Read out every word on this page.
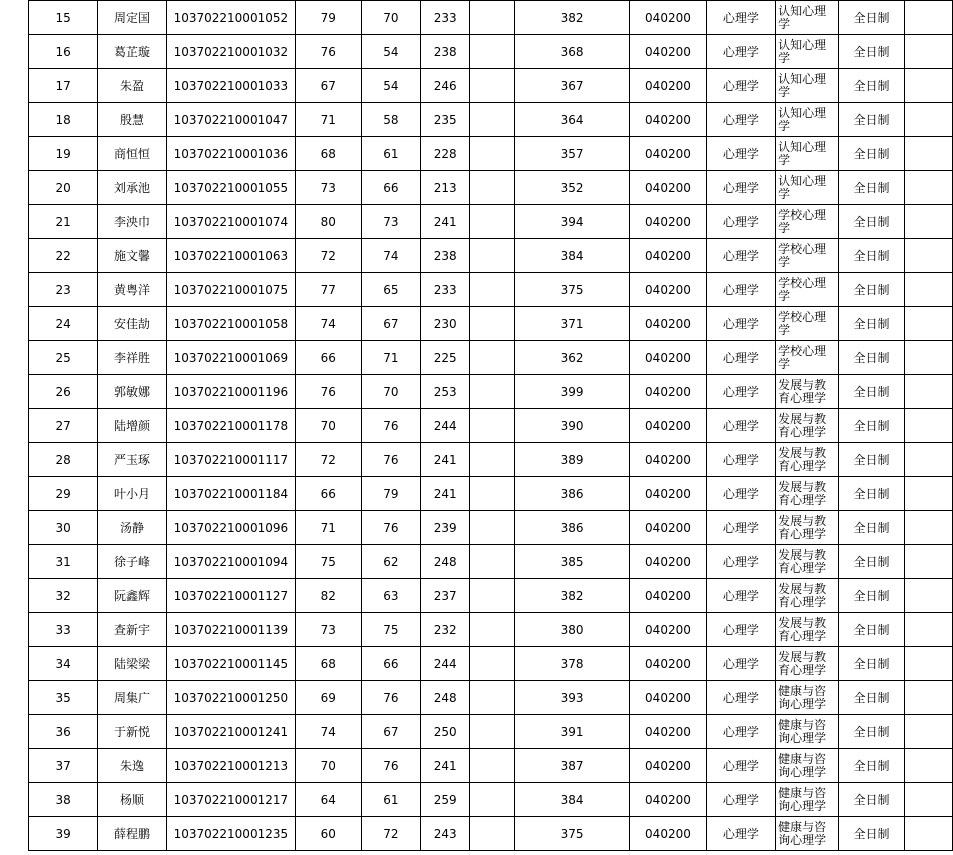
15	周定国	103702210001052	79	70	233		382	040200	心理学	认知心理学	全日制	
16	葛芷璇	103702210001032	76	54	238		368	040200	心理学	认知心理学	全日制	
17	朱盈	103702210001033	67	54	246		367	040200	心理学	认知心理学	全日制	
18	殷慧	103702210001047	71	58	235		364	040200	心理学	认知心理学	全日制	
19	商恒恒	103702210001036	68	61	228		357	040200	心理学	认知心理学	全日制	
20	刘承池	103702210001055	73	66	213		352	040200	心理学	认知心理学	全日制	
21	李泱巾	103702210001074	80	73	241		394	040200	心理学	学校心理学	全日制	
22	施文馨	103702210001063	72	74	238		384	040200	心理学	学校心理学	全日制	
23	黄粤洋	103702210001075	77	65	233		375	040200	心理学	学校心理学	全日制	
24	安佳劼	103702210001058	74	67	230		371	040200	心理学	学校心理学	全日制	
25	李祥胜	103702210001069	66	71	225		362	040200	心理学	学校心理学	全日制	
26	郭敏娜	103702210001196	76	70	253		399	040200	心理学	发展与教育心理学	全日制	
27	陆增颜	103702210001178	70	76	244		390	040200	心理学	发展与教育心理学	全日制	
28	严玉琢	103702210001117	72	76	241		389	040200	心理学	发展与教育心理学	全日制	
29	叶小月	103702210001184	66	79	241		386	040200	心理学	发展与教育心理学	全日制	
30	汤静	103702210001096	71	76	239		386	040200	心理学	发展与教育心理学	全日制	
31	徐子峰	103702210001094	75	62	248		385	040200	心理学	发展与教育心理学	全日制	
32	阮鑫辉	103702210001127	82	63	237		382	040200	心理学	发展与教育心理学	全日制	
33	查新宇	103702210001139	73	75	232		380	040200	心理学	发展与教育心理学	全日制	
34	陆梁梁	103702210001145	68	66	244		378	040200	心理学	发展与教育心理学	全日制	
35	周集广	103702210001250	69	76	248		393	040200	心理学	健康与咨询心理学	全日制	
36	于新悦	103702210001241	74	67	250		391	040200	心理学	健康与咨询心理学	全日制	
37	朱逸	103702210001213	70	76	241		387	040200	心理学	健康与咨询心理学	全日制	
38	杨顺	103702210001217	64	61	259		384	040200	心理学	健康与咨询心理学	全日制	
39	薛程鹏	103702210001235	60	72	243		375	040200	心理学	健康与咨询心理学	全日制	
